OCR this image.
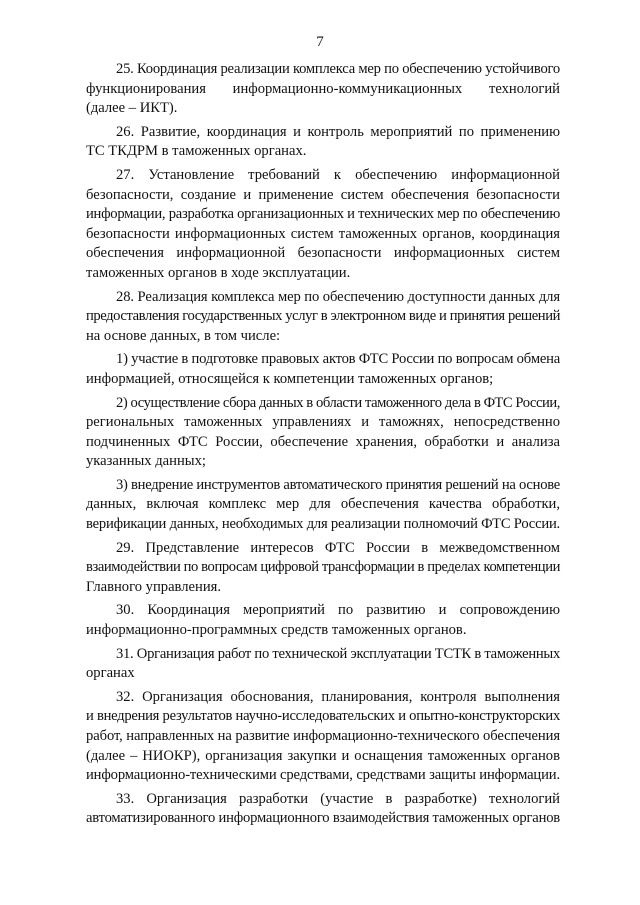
7
25. Координация реализации комплекса мер по обеспечению устойчивого
функционирования информационно-коммуникационных технологий
(далее – ИКТ).
26. Развитие, координация и контроль мероприятий по применению
ТС ТКДРМ в таможенных органах.
27. Установление требований к обеспечению информационной
безопасности, создание и применение систем обеспечения безопасности
информации, разработка организационных и технических мер по обеспечению
безопасности информационных систем таможенных органов, координация
обеспечения информационной безопасности информационных систем
таможенных органов в ходе эксплуатации.
28. Реализация комплекса мер по обеспечению доступности данных для
предоставления государственных услуг в электронном виде и принятия решений
на основе данных, в том числе:
1) участие в подготовке правовых актов ФТС России по вопросам обмена
информацией, относящейся к компетенции таможенных органов;
2) осуществление сбора данных в области таможенного дела в ФТС России,
региональных таможенных управлениях и таможнях, непосредственно
подчиненных ФТС России, обеспечение хранения, обработки и анализа
указанных данных;
3) внедрение инструментов автоматического принятия решений на основе
данных, включая комплекс мер для обеспечения качества обработки,
верификации данных, необходимых для реализации полномочий ФТС России.
29. Представление интересов ФТС России в межведомственном
взаимодействии по вопросам цифровой трансформации в пределах компетенции
Главного управления.
30. Координация мероприятий по развитию и сопровождению
информационно-программных средств таможенных органов.
31. Организация работ по технической эксплуатации ТСТК в таможенных
органах
32. Организация обоснования, планирования, контроля выполнения
и внедрения результатов научно-исследовательских и опытно-конструкторских
работ, направленных на развитие информационно-технического обеспечения
(далее – НИОКР), организация закупки и оснащения таможенных органов
информационно-техническими средствами, средствами защиты информации.
33. Организация разработки (участие в разработке) технологий
автоматизированного информационного взаимодействия таможенных органов
